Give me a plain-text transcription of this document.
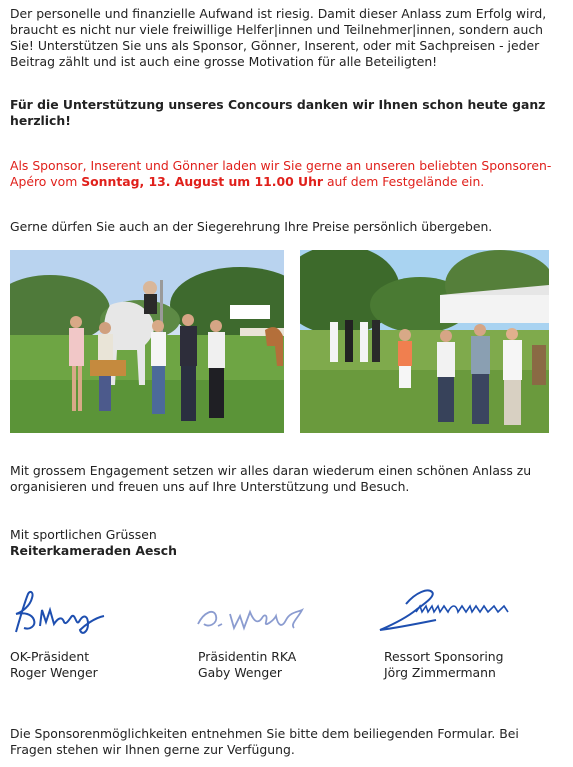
Der personelle und finanzielle Aufwand ist riesig. Damit dieser Anlass zum Erfolg wird, braucht es nicht nur viele freiwillige Helfer|innen und Teilnehmer|innen, sondern auch Sie! Unterstützen Sie uns als Sponsor, Gönner, Inserent, oder mit Sachpreisen - jeder Beitrag zählt und ist auch eine grosse Motivation für alle Beteiligten!

Für die Unterstützung unseres Concours danken wir Ihnen schon heute ganz herzlich!

Als Sponsor, Inserent und Gönner laden wir Sie gerne an unseren beliebten Sponsoren-Apéro vom Sonntag, 13. August um 11.00 Uhr auf dem Festgelände ein.

Gerne dürfen Sie auch an der Siegerehrung Ihre Preise persönlich übergeben.

Mit grossem Engagement setzen wir alles daran wiederum einen schönen Anlass zu organisieren und freuen uns auf Ihre Unterstützung und Besuch.

Mit sportlichen Grüssen

Reiterkameraden Aesch

OK-Präsident
Roger Wenger
Präsidentin RKA
Gaby Wenger
Ressort Sponsoring
Jörg Zimmermann

Die Sponsorenmöglichkeiten entnehmen Sie bitte dem beiliegenden Formular. Bei Fragen stehen wir Ihnen gerne zur Verfügung.
